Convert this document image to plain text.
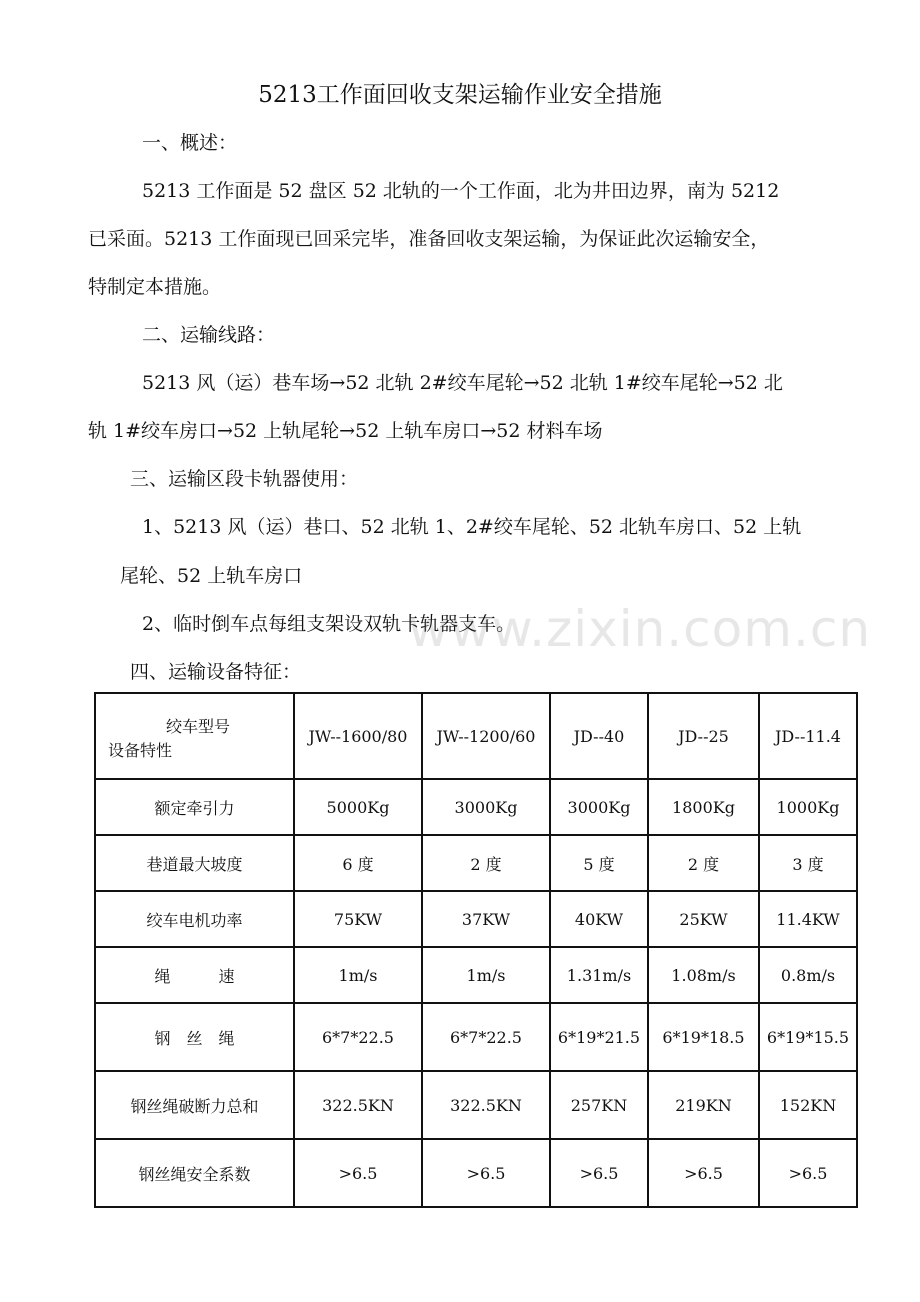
5213工作面回收支架运输作业安全措施
一、概述：
5213 工作面是 52 盘区 52 北轨的一个工作面，北为井田边界，南为 5212
已采面。5213 工作面现已回采完毕，准备回收支架运输，为保证此次运输安全，
特制定本措施。
二、运输线路：
5213 风（运）巷车场→52 北轨 2#绞车尾轮→52 北轨 1#绞车尾轮→52 北
轨 1#绞车房口→52 上轨尾轮→52 上轨车房口→52 材料车场
三、运输区段卡轨器使用：
1、5213 风（运）巷口、52 北轨 1、2#绞车尾轮、52 北轨车房口、52 上轨
尾轮、52 上轨车房口
2、临时倒车点每组支架设双轨卡轨器支车。
www.zixin.com.cn
四、运输设备特征：
绞车型号
设备特性	JW--1600/80	JW--1200/60	JD--40	JD--25	JD--11.4
额定牵引力	5000Kg	3000Kg	3000Kg	1800Kg	1000Kg
巷道最大坡度	6 度	2 度	5 度	2 度	3 度
绞车电机功率	75KW	37KW	40KW	25KW	11.4KW
绳　　　速	1m/s	1m/s	1.31m/s	1.08m/s	0.8m/s
钢　丝　绳	6*7*22.5	6*7*22.5	6*19*21.5	6*19*18.5	6*19*15.5
钢丝绳破断力总和	322.5KN	322.5KN	257KN	219KN	152KN
钢丝绳安全系数	>6.5	>6.5	>6.5	>6.5	>6.5
